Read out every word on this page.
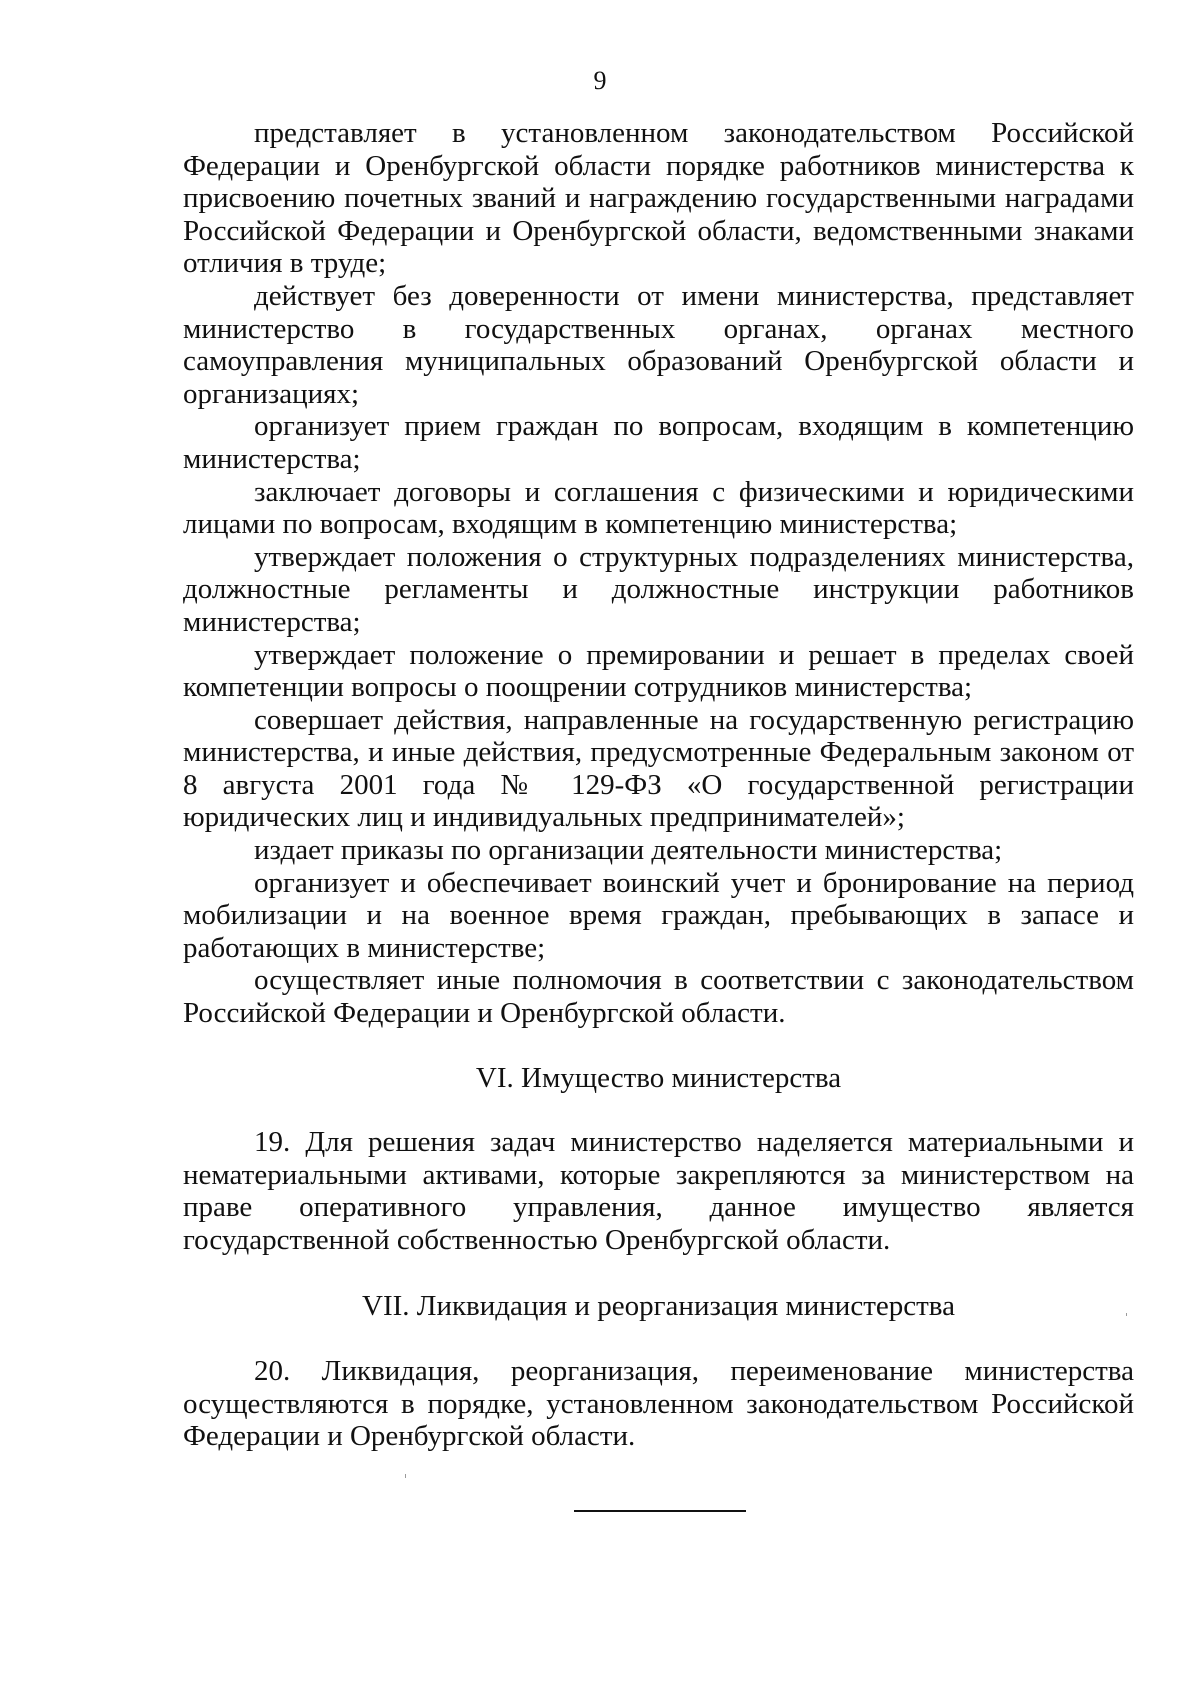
9

представляет в установленном законодательством Российской Федерации и Оренбургской области порядке работников министерства к присвоению почетных званий и награждению государственными наградами Российской Федерации и Оренбургской области, ведомственными знаками отличия в труде;

действует без доверенности от имени министерства, представляет министерство в государственных органах, органах местного самоуправления муниципальных образований Оренбургской области и организациях;

организует прием граждан по вопросам, входящим в компетенцию министерства;

заключает договоры и соглашения с физическими и юридическими лицами по вопросам, входящим в компетенцию министерства;

утверждает положения о структурных подразделениях министерства, должностные регламенты и должностные инструкции работников министерства;

утверждает положение о премировании и решает в пределах своей компетенции вопросы о поощрении сотрудников министерства;

совершает действия, направленные на государственную регистрацию министерства, и иные действия, предусмотренные Федеральным законом от 8 августа 2001 года № 129-ФЗ «О государственной регистрации юридических лиц и индивидуальных предпринимателей»;

издает приказы по организации деятельности министерства;

организует и обеспечивает воинский учет и бронирование на период мобилизации и на военное время граждан, пребывающих в запасе и работающих в министерстве;

осуществляет иные полномочия в соответствии с законодательством Российской Федерации и Оренбургской области.

VI. Имущество министерства

19. Для решения задач министерство наделяется материальными и нематериальными активами, которые закрепляются за министерством на праве оперативного управления, данное имущество является государственной собственностью Оренбургской области.

VII. Ликвидация и реорганизация министерства

20. Ликвидация, реорганизация, переименование министерства осуществляются в порядке, установленном законодательством Российской Федерации и Оренбургской области.
